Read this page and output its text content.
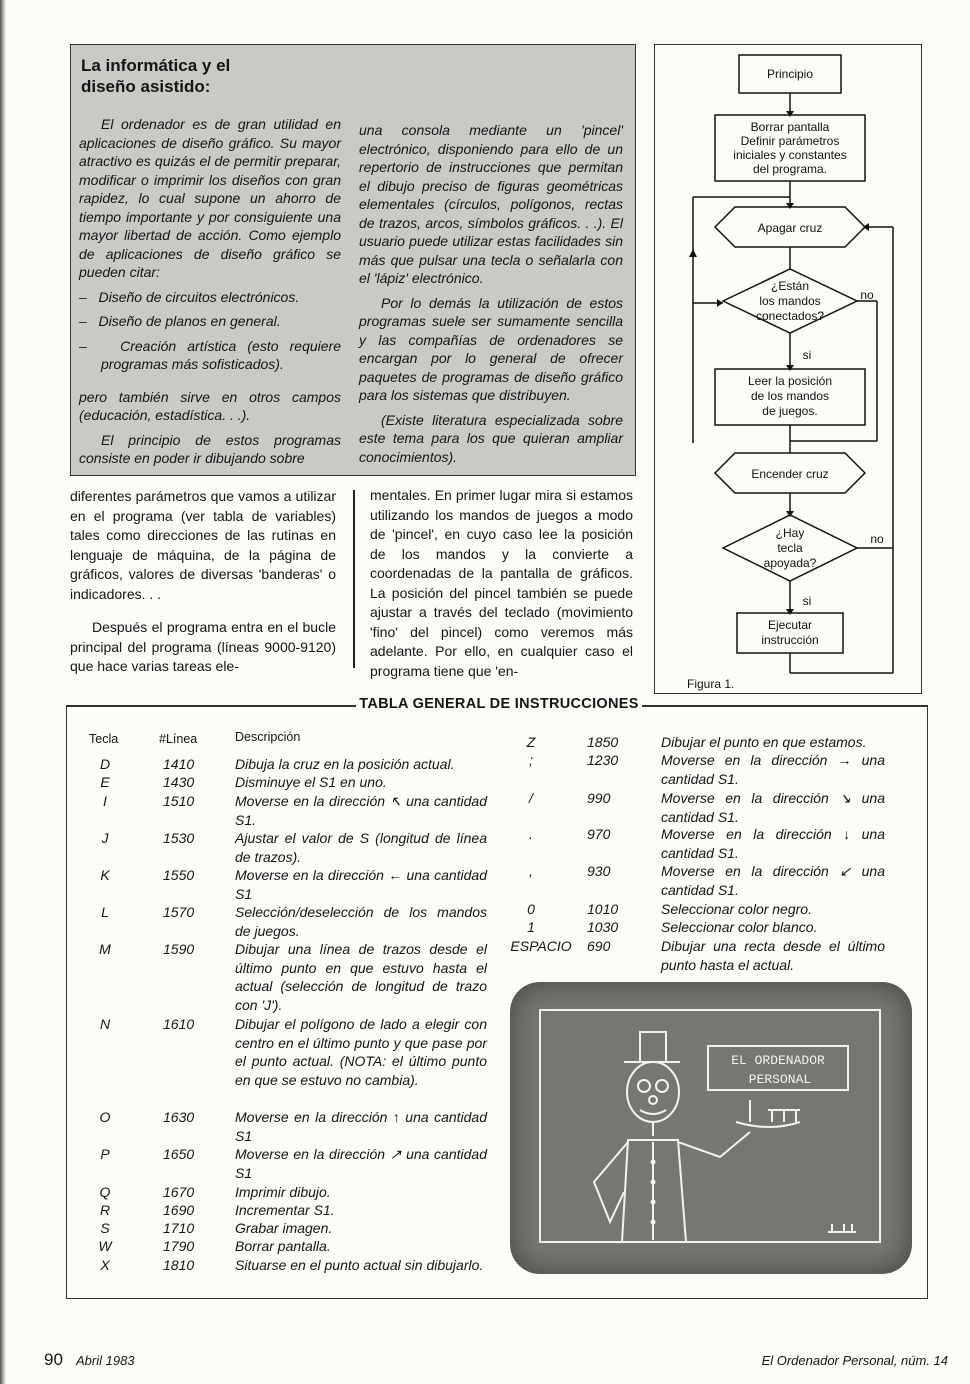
La informática y el
diseño asistido:

El ordenador es de gran utilidad en aplicaciones de diseño gráfico. Su mayor atractivo es quizás el de permitir preparar, modificar o imprimir los diseños con gran rapidez, lo cual supone un ahorro de tiempo importante y por consiguiente una mayor libertad de acción. Como ejemplo de aplicaciones de diseño gráfico se pueden citar:

–   Diseño de circuitos electrónicos.

–   Diseño de planos en general.

–   Creación artística (esto requiere programas más sofisticados).

pero también sirve en otros campos (educación, estadística. . .).

El principio de estos programas consiste en poder ir dibujando sobre

una consola mediante un 'pincel' electrónico, disponiendo para ello de un repertorio de instrucciones que permitan el dibujo preciso de figuras geométricas elementales (círculos, polígonos, rectas de trazos, arcos, símbolos gráficos. . .). El usuario puede utilizar estas facilidades sin más que pulsar una tecla o señalarla con el 'lápiz' electrónico.

Por lo demás la utilización de estos programas suele ser sumamente sencilla y las compañías de ordenadores se encargan por lo general de ofrecer paquetes de programas de diseño gráfico para los sistemas que distribuyen.

(Existe literatura especializada sobre este tema para los que quieran ampliar conocimientos).

diferentes parámetros que vamos a utilizar en el programa (ver tabla de variables) tales como direcciones de las rutinas en lenguaje de máquina, de la página de gráficos, valores de diversas 'banderas' o indicadores. . .

Después el programa entra en el bucle principal del programa (líneas 9000-9120) que hace varias tareas ele-

mentales. En primer lugar mira si estamos utilizando los mandos de juegos a modo de 'pincel', en cuyo caso lee la posición de los mandos y la convierte a coordenadas de la pantalla de gráficos. La posición del pincel también se puede ajustar a través del teclado (movimiento 'fino' del pincel) como veremos más adelante. Por ello, en cualquier caso el programa tiene que 'en-

Principio
Borrar pantalla
Definir parámetros
iniciales y constantes
del programa.
Apagar cruz
¿Están
los mandos
conectados?
si
no
Leer la posición
de los mandos
de juegos.
Encender cruz
¿Hay
tecla
apoyada?
si
no
Ejecutar
instrucción
Figura 1.
TABLA GENERAL DE INSTRUCCIONES
Tecla	#Línea	Descripción
D	1410	Dibuja la cruz en la posición actual.
E	1430	Disminuye el S1 en uno.
I	1510	Moverse en la dirección ↖ una cantidad S1.
J	1530	Ajustar el valor de S (longitud de línea de trazos).
K	1550	Moverse en la dirección ← una cantidad S1
L	1570	Selección/deselección de los mandos de juegos.
M	1590	Dibujar una línea de trazos desde el último punto en que estuvo hasta el actual (selección de longitud de trazo con 'J').
N	1610	Dibujar el polígono de lado a elegir con centro en el último punto y que pase por el punto actual. (NOTA: el último punto en que se estuvo no cambia).
O	1630	Moverse en la dirección ↑ una cantidad S1
P	1650	Moverse en la dirección ↗ una cantidad S1
Q	1670	Imprimir dibujo.
R	1690	Incrementar S1.
S	1710	Grabar imagen.
W	1790	Borrar pantalla.
X	1810	Situarse en el punto actual sin dibujarlo.
Z	1850	Dibujar el punto en que estamos.
;	1230	Moverse en la dirección → una cantidad S1.
/	990	Moverse en la dirección ↘ una cantidad S1.
.	970	Moverse en la dirección ↓ una cantidad S1.
,	930	Moverse en la dirección ↙ una cantidad S1.
0	1010	Seleccionar color negro.
1	1030	Seleccionar color blanco.
ESPACIO 690	Dibujar una recta desde el último punto hasta el actual.
EL ORDENADOR
PERSONAL
90 Abril 1983	El Ordenador Personal, núm. 14
